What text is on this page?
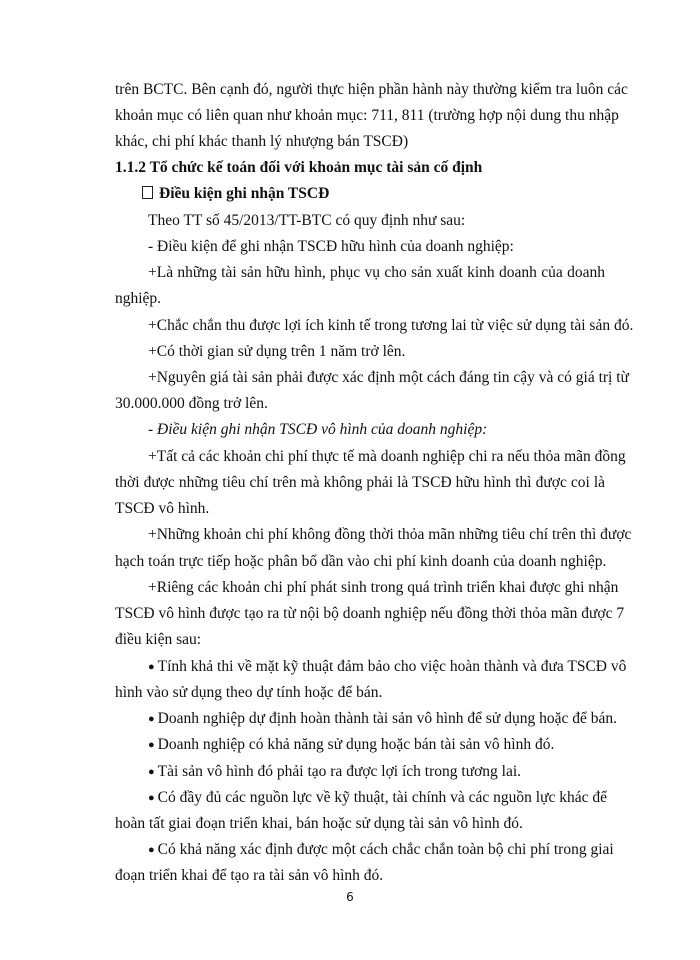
trên BCTC. Bên cạnh đó, người thực hiện phần hành này thường kiểm tra luôn các
khoản mục có liên quan như khoản mục: 711, 811 (trường hợp nội dung thu nhập
khác, chi phí khác thanh lý nhượng bán TSCĐ)
1.1.2 Tổ chức kế toán đối với khoản mục tài sản cố định
Điều kiện ghi nhận TSCĐ
Theo TT số 45/2013/TT-BTC có quy định như sau:
- Điều kiện để ghi nhận TSCĐ hữu hình của doanh nghiệp:
+Là những tài sản hữu hình, phục vụ cho sản xuất kinh doanh của doanh
nghiệp.
+Chắc chắn thu được lợi ích kinh tế trong tương lai từ việc sử dụng tài sản đó.
+Có thời gian sử dụng trên 1 năm trở lên.
+Nguyên giá tài sản phải được xác định một cách đáng tin cậy và có giá trị từ
30.000.000 đồng trở lên.
- Điều kiện ghi nhận TSCĐ vô hình của doanh nghiệp:
+Tất cả các khoản chi phí thực tế mà doanh nghiệp chi ra nếu thỏa mãn đồng
thời được những tiêu chí trên mà không phải là TSCĐ hữu hình thì được coi là
TSCĐ vô hình.
+Những khoản chi phí không đồng thời thỏa mãn những tiêu chí trên thì được
hạch toán trực tiếp hoặc phân bổ dần vào chi phí kinh doanh của doanh nghiệp.
+Riêng các khoản chi phí phát sinh trong quá trình triển khai được ghi nhận
TSCĐ vô hình được tạo ra từ nội bộ doanh nghiệp nếu đồng thời thỏa mãn được 7
điều kiện sau:
● Tính khả thi về mặt kỹ thuật đảm bảo cho việc hoàn thành và đưa TSCĐ vô
hình vào sử dụng theo dự tính hoặc để bán.
● Doanh nghiệp dự định hoàn thành tài sản vô hình để sử dụng hoặc để bán.
● Doanh nghiệp có khả năng sử dụng hoặc bán tài sản vô hình đó.
● Tài sản vô hình đó phải tạo ra được lợi ích trong tương lai.
● Có đầy đủ các nguồn lực về kỹ thuật, tài chính và các nguồn lực khác để
hoàn tất giai đoạn triển khai, bán hoặc sử dụng tài sản vô hình đó.
● Có khả năng xác định được một cách chắc chắn toàn bộ chi phí trong giai
đoạn triển khai để tạo ra tài sản vô hình đó.
6
